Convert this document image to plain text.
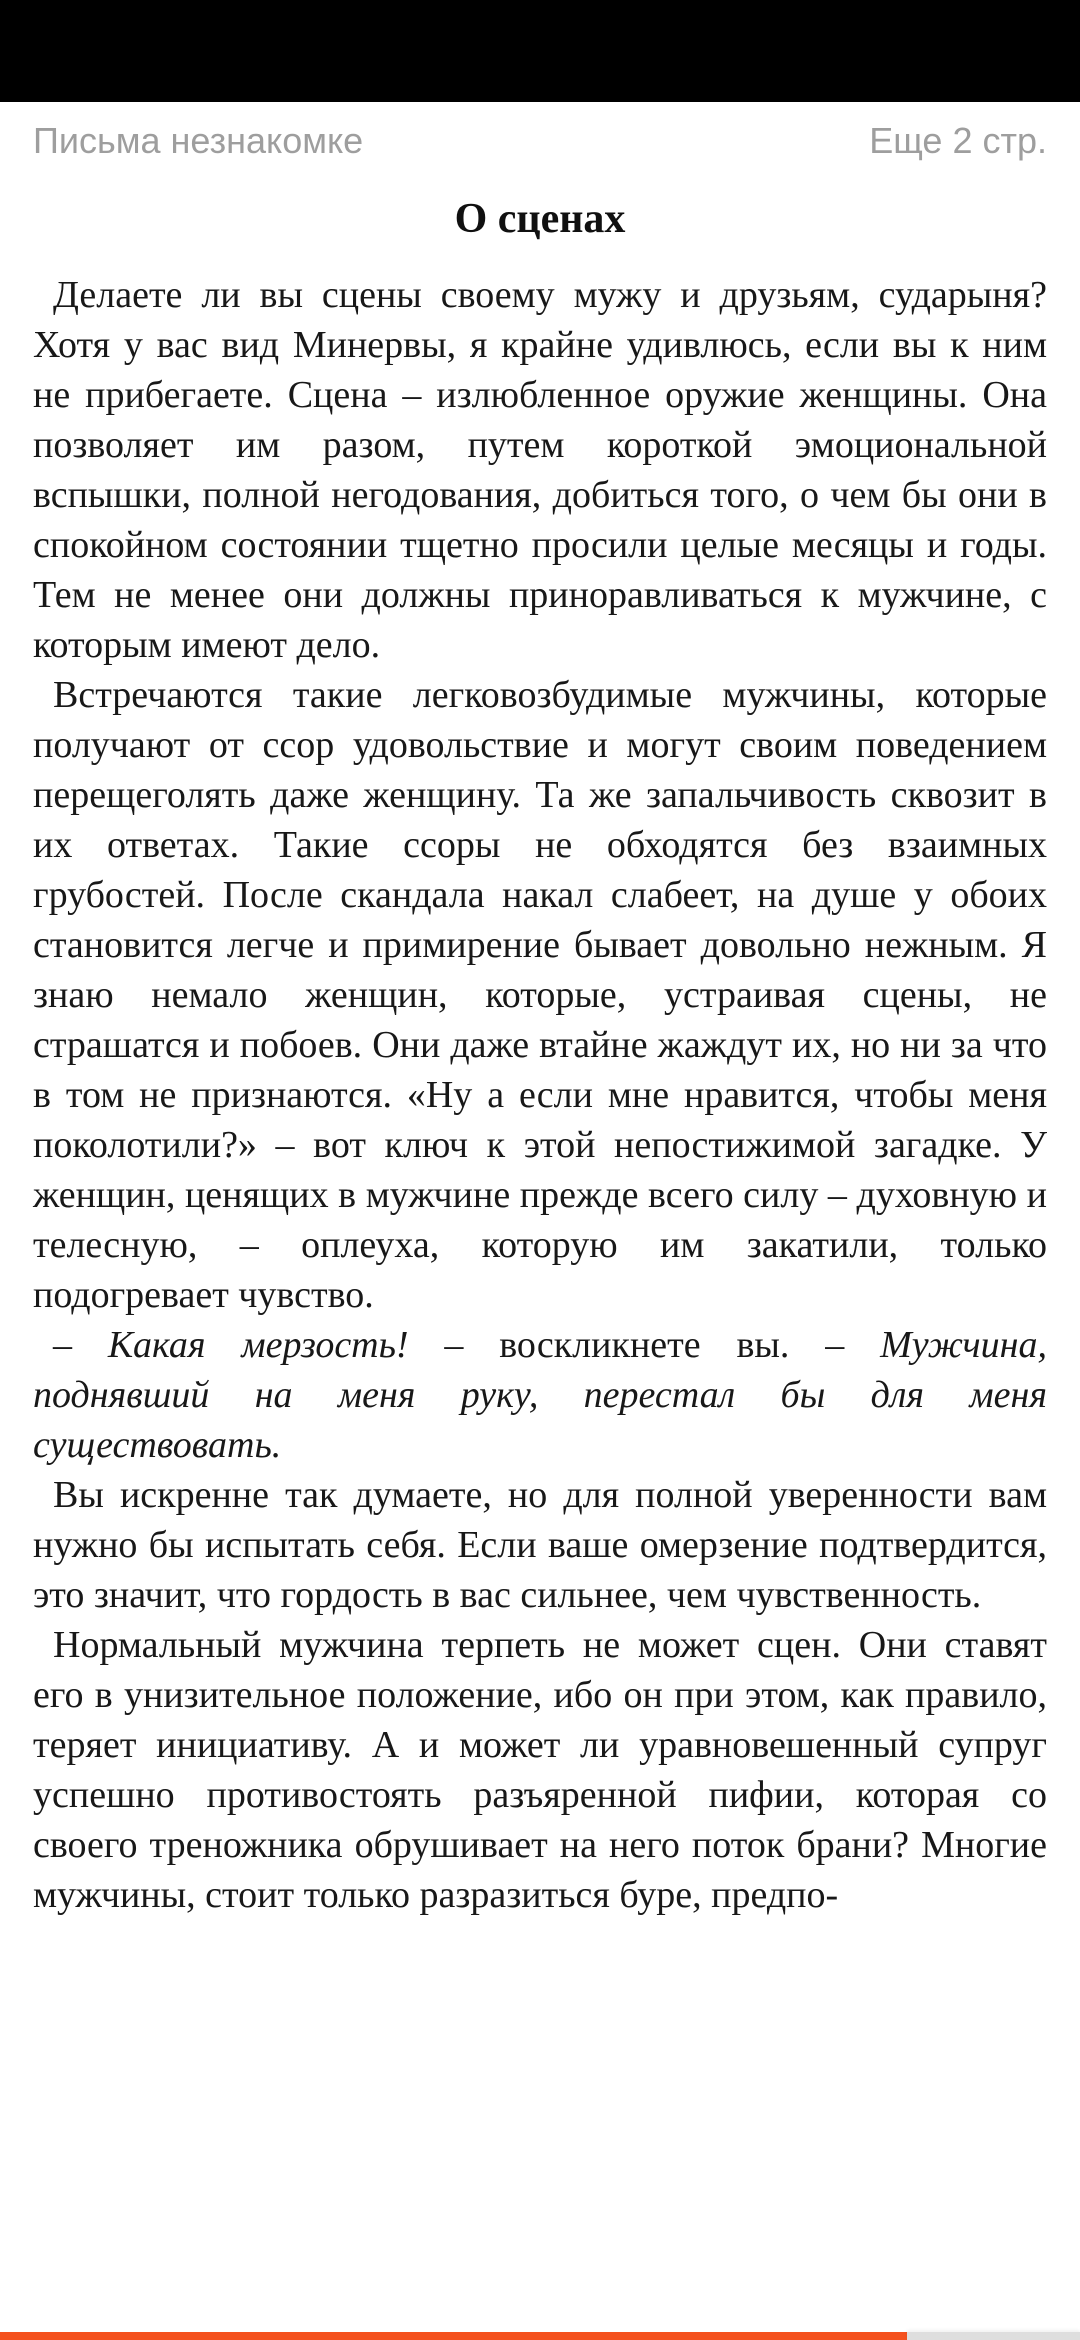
Письма незнакомке	Еще 2 стр.
О сценах

Делаете ли вы сцены своему мужу и друзьям, сударыня? Хотя у вас вид Минервы, я крайне удивлюсь, если вы к ним не прибегаете. Сцена – излюбленное оружие женщины. Она позволяет им разом, путем короткой эмоциональной вспышки, полной негодования, добиться того, о чем бы они в спокойном состоянии тщетно просили целые месяцы и годы. Тем не менее они должны приноравливаться к мужчине, с которым имеют дело.

Встречаются такие легковозбудимые мужчины, которые получают от ссор удовольствие и могут своим поведением перещеголять даже женщину. Та же запальчивость сквозит в их ответах. Такие ссоры не обходятся без взаимных грубостей. После скандала накал слабеет, на душе у обоих становится легче и примирение бывает довольно нежным. Я знаю немало женщин, которые, устраивая сцены, не страшатся и побоев. Они даже втайне жаждут их, но ни за что в том не признаются. «Ну а если мне нравится, чтобы меня поколотили?» – вот ключ к этой непостижимой загадке. У женщин, ценящих в мужчине прежде всего силу – духовную и телесную, – оплеуха, которую им закатили, только подогревает чувство.

– Какая мерзость! – воскликнете вы. – Мужчина, поднявший на меня руку, перестал бы для меня существовать.

Вы искренне так думаете, но для полной уверенности вам нужно бы испытать себя. Если ваше омерзение подтвердится, это значит, что гордость в вас сильнее, чем чувственность.

Нормальный мужчина терпеть не может сцен. Они ставят его в унизительное положение, ибо он при этом, как правило, теряет инициативу. А и может ли уравновешенный супруг успешно противостоять разъяренной пифии, которая со своего треножника обрушивает на него поток брани? Многие мужчины, стоит только разразиться буре, предпо-
